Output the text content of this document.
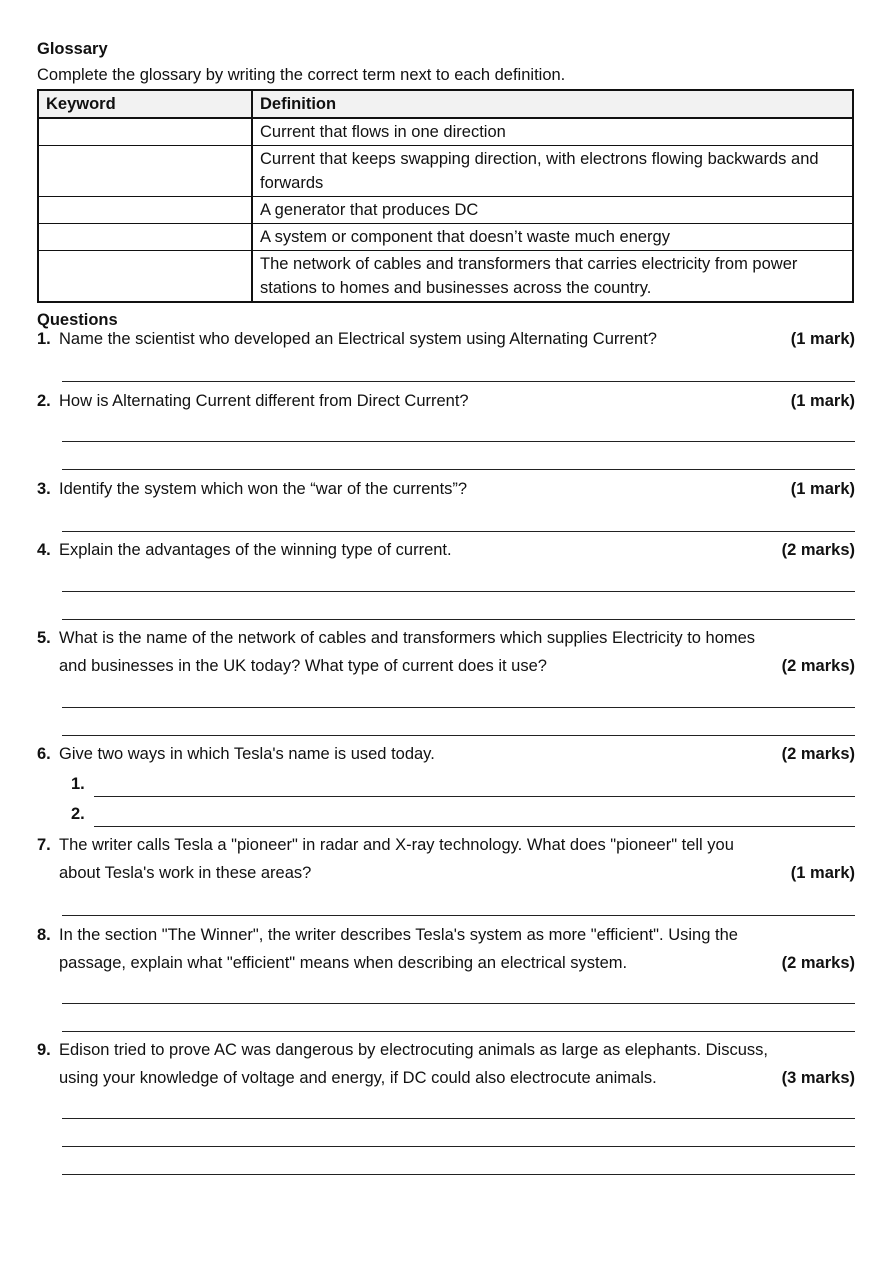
Glossary
Complete the glossary by writing the correct term next to each definition.
Keyword	Definition
	Current that flows in one direction
	Current that keeps swapping direction, with electrons flowing backwards and forwards
	A generator that produces DC
	A system or component that doesn’t waste much energy
	The network of cables and transformers that carries electricity from power stations to homes and businesses across the country.
Questions
1. Name the scientist who developed an Electrical system using Alternating Current?	(1 mark)
2. How is Alternating Current different from Direct Current?	(1 mark)
3. Identify the system which won the “war of the currents”?	(1 mark)
4. Explain the advantages of the winning type of current.	(2 marks)
5. What is the name of the network of cables and transformers which supplies Electricity to homes
and businesses in the UK today? What type of current does it use?	(2 marks)
6. Give two ways in which Tesla's name is used today.	(2 marks)
1.
2.
7. The writer calls Tesla a "pioneer" in radar and X-ray technology. What does "pioneer" tell you
about Tesla's work in these areas?	(1 mark)
8. In the section "The Winner", the writer describes Tesla's system as more "efficient". Using the
passage, explain what "efficient" means when describing an electrical system.	(2 marks)
9. Edison tried to prove AC was dangerous by electrocuting animals as large as elephants. Discuss,
using your knowledge of voltage and energy, if DC could also electrocute animals.	(3 marks)
